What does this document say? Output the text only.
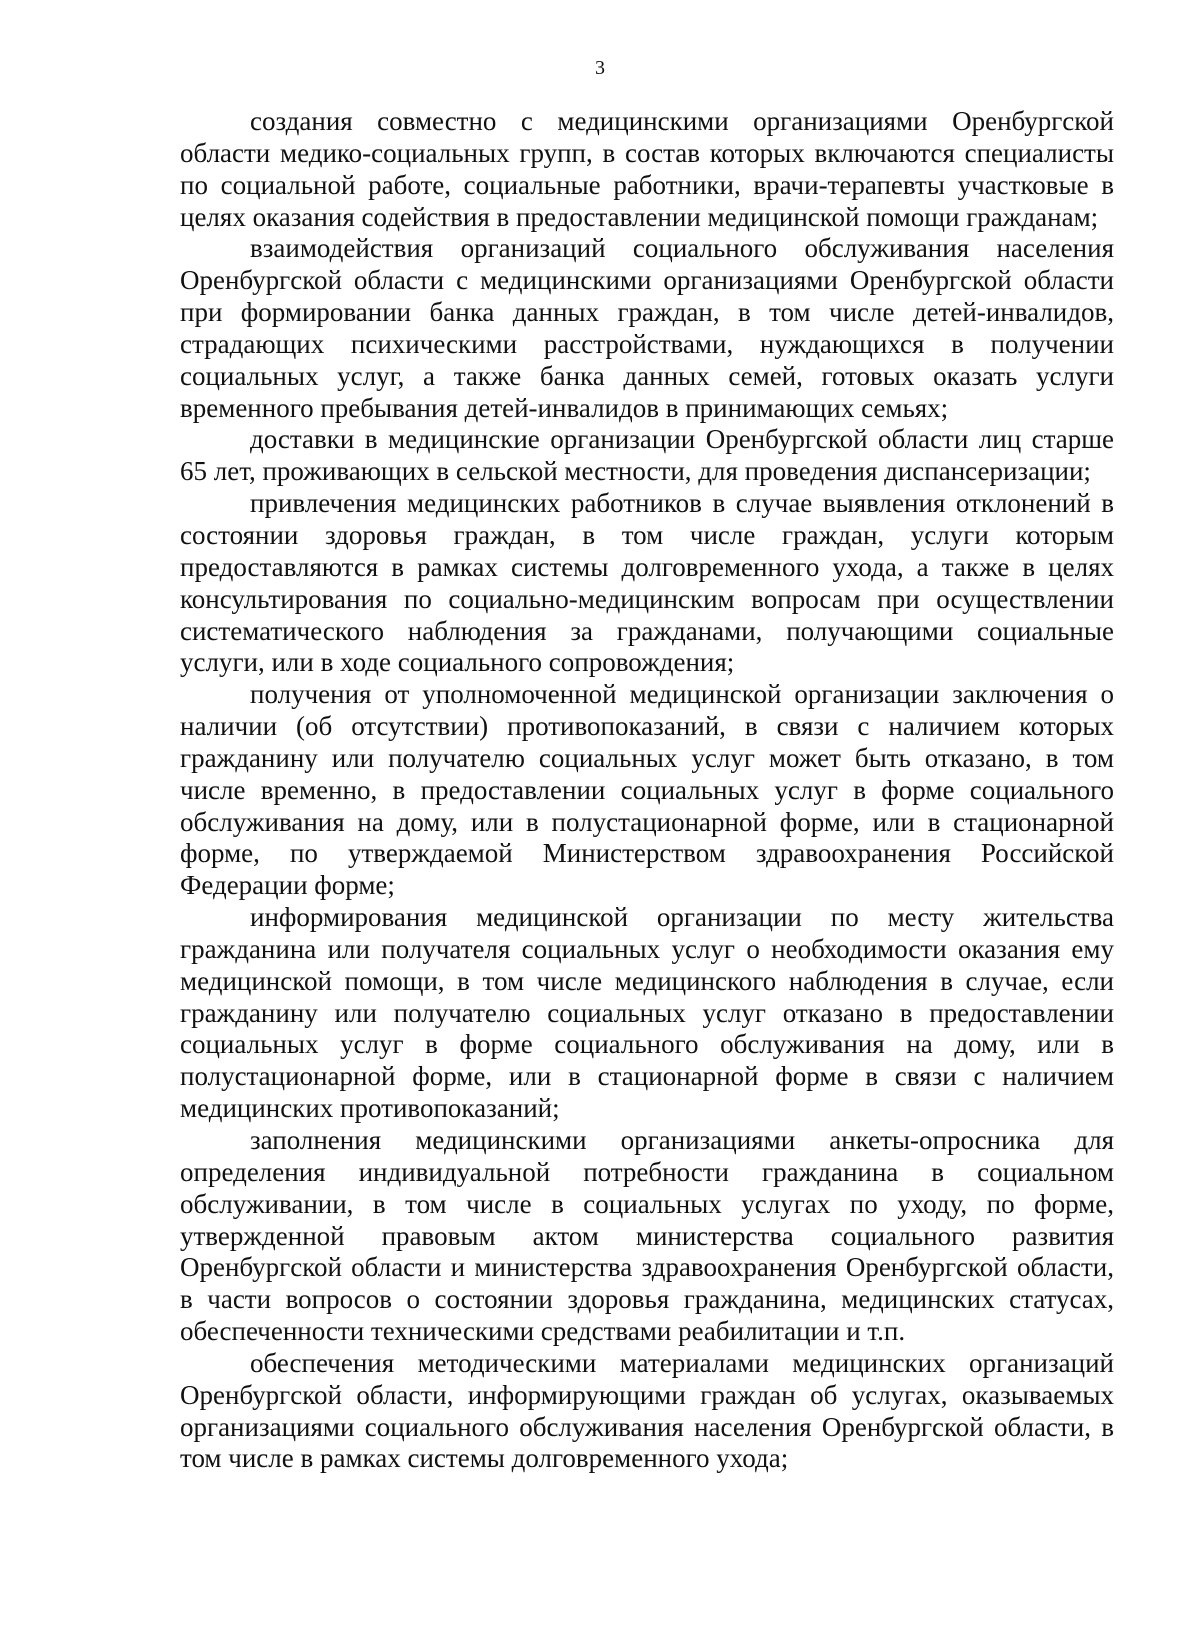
3

создания совместно с медицинскими организациями Оренбургской области медико-социальных групп, в состав которых включаются специалисты по социальной работе, социальные работники, врачи-терапевты участковые в целях оказания содействия в предоставлении медицинской помощи гражданам;

взаимодействия организаций социального обслуживания населения Оренбургской области с медицинскими организациями Оренбургской области при формировании банка данных граждан, в том числе детей-инвалидов, страдающих психическими расстройствами, нуждающихся в получении социальных услуг, а также банка данных семей, готовых оказать услуги временного пребывания детей-инвалидов в принимающих семьях;

доставки в медицинские организации Оренбургской области лиц старше 65 лет, проживающих в сельской местности, для проведения диспансеризации;

привлечения медицинских работников в случае выявления отклонений в состоянии здоровья граждан, в том числе граждан, услуги которым предоставляются в рамках системы долговременного ухода, а также в целях консультирования по социально-медицинским вопросам при осуществлении систематического наблюдения за гражданами, получающими социальные услуги, или в ходе социального сопровождения;

получения от уполномоченной медицинской организации заключения о наличии (об отсутствии) противопоказаний, в связи с наличием которых гражданину или получателю социальных услуг может быть отказано, в том числе временно, в предоставлении социальных услуг в форме социального обслуживания на дому, или в полустационарной форме, или в стационарной форме, по утверждаемой Министерством здравоохранения Российской Федерации форме;

информирования медицинской организации по месту жительства гражданина или получателя социальных услуг о необходимости оказания ему медицинской помощи, в том числе медицинского наблюдения в случае, если гражданину или получателю социальных услуг отказано в предоставлении социальных услуг в форме социального обслуживания на дому, или в полустационарной форме, или в стационарной форме в связи с наличием медицинских противопоказаний;

заполнения медицинскими организациями анкеты-опросника для определения индивидуальной потребности гражданина в социальном обслуживании, в том числе в социальных услугах по уходу, по форме, утвержденной правовым актом министерства социального развития Оренбургской области и министерства здравоохранения Оренбургской области, в части вопросов о состоянии здоровья гражданина, медицинских статусах, обеспеченности техническими средствами реабилитации и т.п.

обеспечения методическими материалами медицинских организаций Оренбургской области, информирующими граждан об услугах, оказываемых организациями социального обслуживания населения Оренбургской области, в том числе в рамках системы долговременного ухода;
